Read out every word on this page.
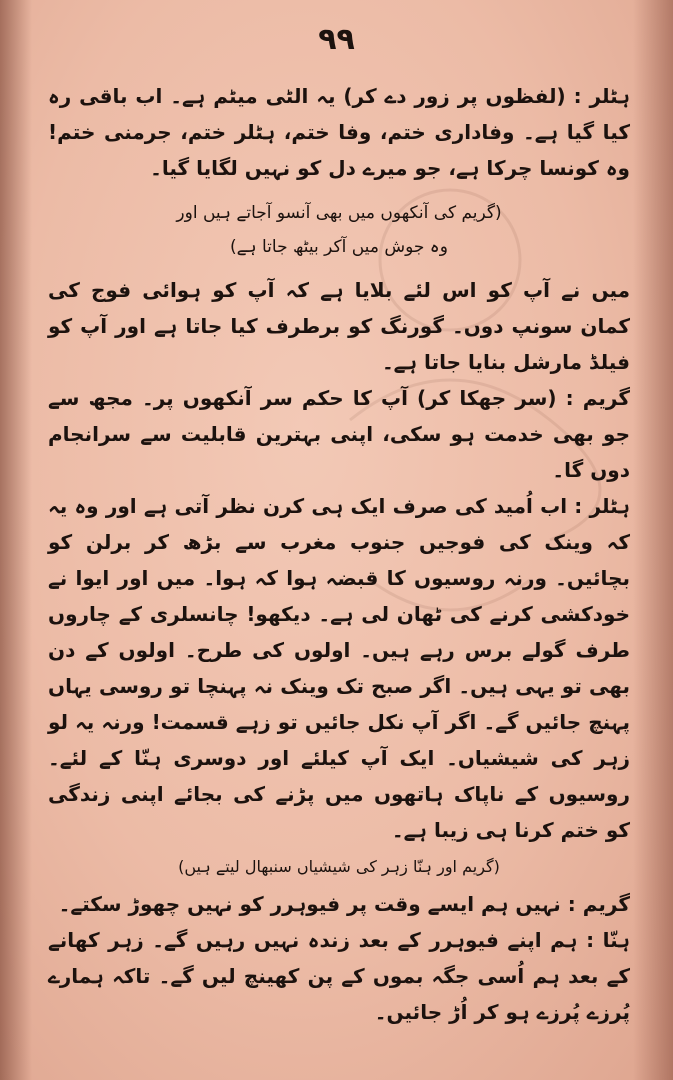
۹۹

ہٹلر : (لفظوں پر زور دے کر) یہ الٹی میٹم ہے۔ اب باقی رہ کیا گیا ہے۔ وفاداری ختم، وفا ختم، ہٹلر ختم، جرمنی ختم! وہ کونسا چرکا ہے، جو میرے دل کو نہیں لگایا گیا۔

(گریم کی آنکھوں میں بھی آنسو آجاتے ہیں اور
وہ جوش میں آکر بیٹھ جاتا ہے)

میں نے آپ کو اس لئے بلایا ہے کہ آپ کو ہوائی فوج کی کمان سونپ دوں۔ گورنگ کو برطرف کیا جاتا ہے اور آپ کو فیلڈ مارشل بنایا جاتا ہے۔

گریم : (سر جھکا کر) آپ کا حکم سر آنکھوں پر۔ مجھ سے جو بھی خدمت ہو سکی، اپنی بہترین قابلیت سے سرانجام دوں گا۔

ہٹلر : اب اُمید کی صرف ایک ہی کرن نظر آتی ہے اور وہ یہ کہ وینک کی فوجیں جنوب مغرب سے بڑھ کر برلن کو بچائیں۔ ورنہ روسیوں کا قبضہ ہوا کہ ہوا۔ میں اور ایوا نے خودکشی کرنے کی ٹھان لی ہے۔ دیکھو! چانسلری کے چاروں طرف گولے برس رہے ہیں۔ اولوں کی طرح۔ اولوں کے دن بھی تو یہی ہیں۔ اگر صبح تک وینک نہ پہنچا تو روسی یہاں پہنچ جائیں گے۔ اگر آپ نکل جائیں تو زہے قسمت! ورنہ یہ لو زہر کی شیشیاں۔ ایک آپ کیلئے اور دوسری ہنّا کے لئے۔ روسیوں کے ناپاک ہاتھوں میں پڑنے کی بجائے اپنی زندگی کو ختم کرنا ہی زیبا ہے۔

(گریم اور ہنّا زہر کی شیشیاں سنبھال لیتے ہیں)

گریم : نہیں ہم ایسے وقت پر فیوہرر کو نہیں چھوڑ سکتے۔

ہنّا : ہم اپنے فیوہرر کے بعد زندہ نہیں رہیں گے۔ زہر کھانے کے بعد ہم اُسی جگہ بموں کے پن کھینچ لیں گے۔ تاکہ ہمارے پُرزے پُرزے ہو کر اُڑ جائیں۔
